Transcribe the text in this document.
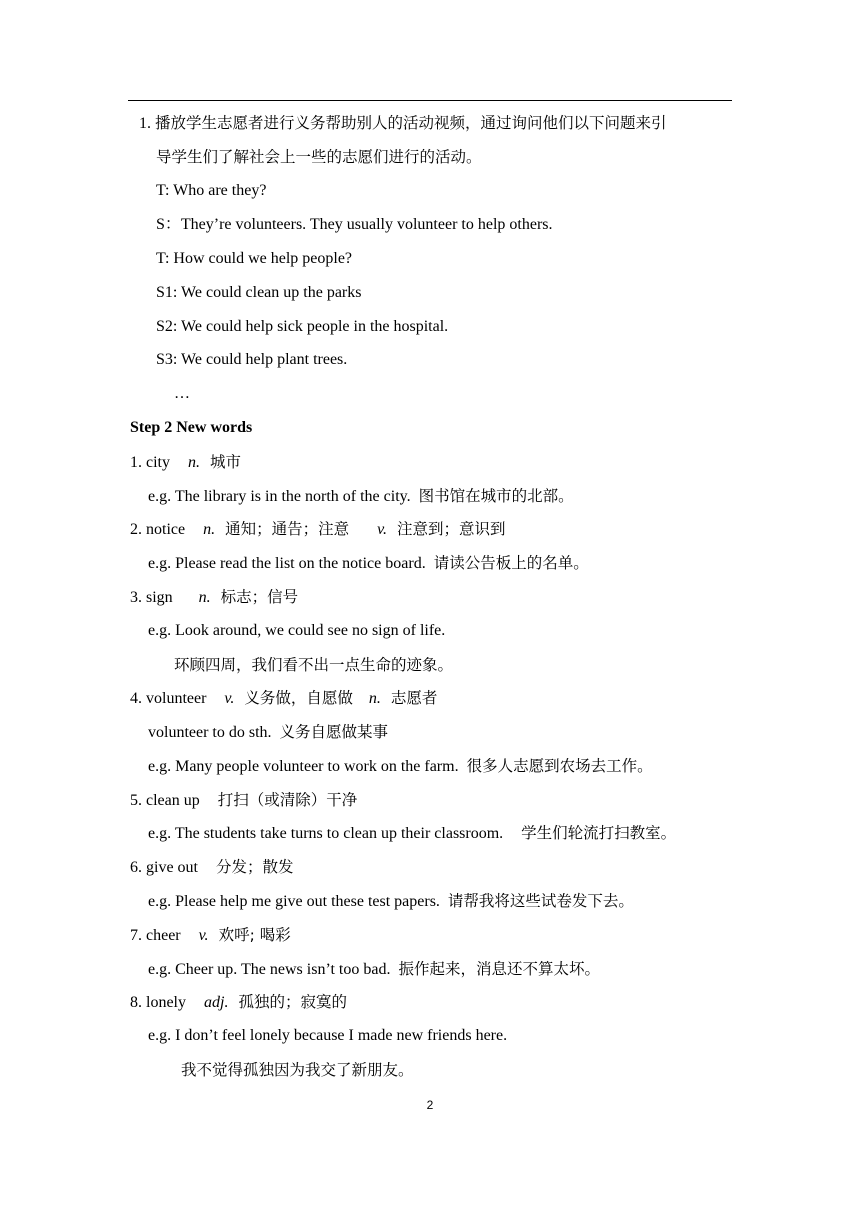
1. 播放学生志愿者进行义务帮助别人的活动视频，通过询问他们以下问题来引
导学生们了解社会上一些的志愿们进行的活动。
T: Who are they?
S：They’re volunteers. They usually volunteer to help others.
T: How could we help people?
S1: We could clean up the parks
S2: We could help sick people in the hospital.
S3: We could help plant trees.
…
Step 2 New words
1. city n. 城市
e.g. The library is in the north of the city. 图书馆在城市的北部。
2. notice n. 通知；通告；注意 v. 注意到；意识到
e.g. Please read the list on the notice board. 请读公告板上的名单。
3. sign n. 标志；信号
e.g. Look around, we could see no sign of life.
环顾四周，我们看不出一点生命的迹象。
4. volunteer v. 义务做，自愿做 n. 志愿者
volunteer to do sth. 义务自愿做某事
e.g. Many people volunteer to work on the farm. 很多人志愿到农场去工作。
5. clean up 打扫（或清除）干净
e.g. The students take turns to clean up their classroom. 学生们轮流打扫教室。
6. give out 分发；散发
e.g. Please help me give out these test papers. 请帮我将这些试卷发下去。
7. cheer v. 欢呼; 喝彩
e.g. Cheer up. The news isn’t too bad. 振作起来，消息还不算太坏。
8. lonely adj. 孤独的；寂寞的
e.g. I don’t feel lonely because I made new friends here.
我不觉得孤独因为我交了新朋友。
2
